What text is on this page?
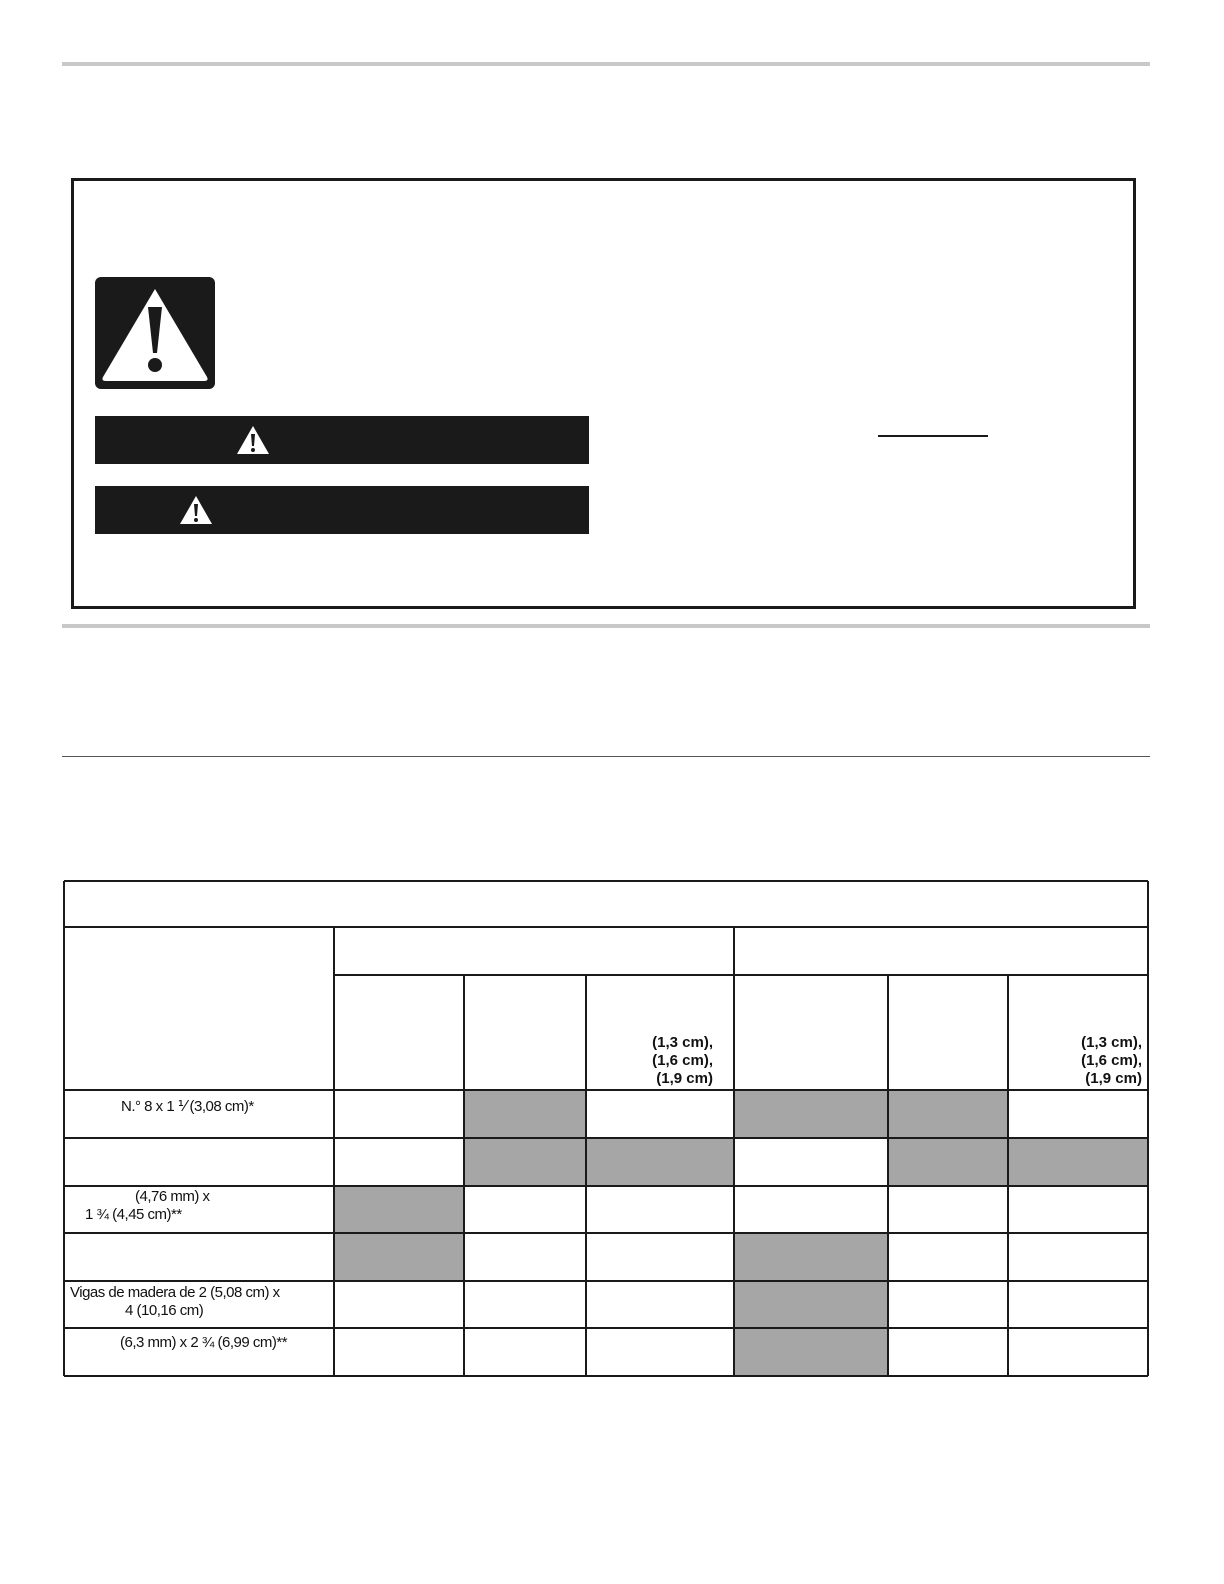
(1,3 cm),
(1,6 cm),
(1,9 cm)
(1,3 cm),
(1,6 cm),
(1,9 cm)
N.° 8 x 1 ⅟ (3,08 cm)*
(4,76 mm) x
1 ¾ (4,45 cm)**
Vigas de madera de 2 (5,08 cm) x
4 (10,16 cm)
(6,3 mm) x 2 ¾ (6,99 cm)**
